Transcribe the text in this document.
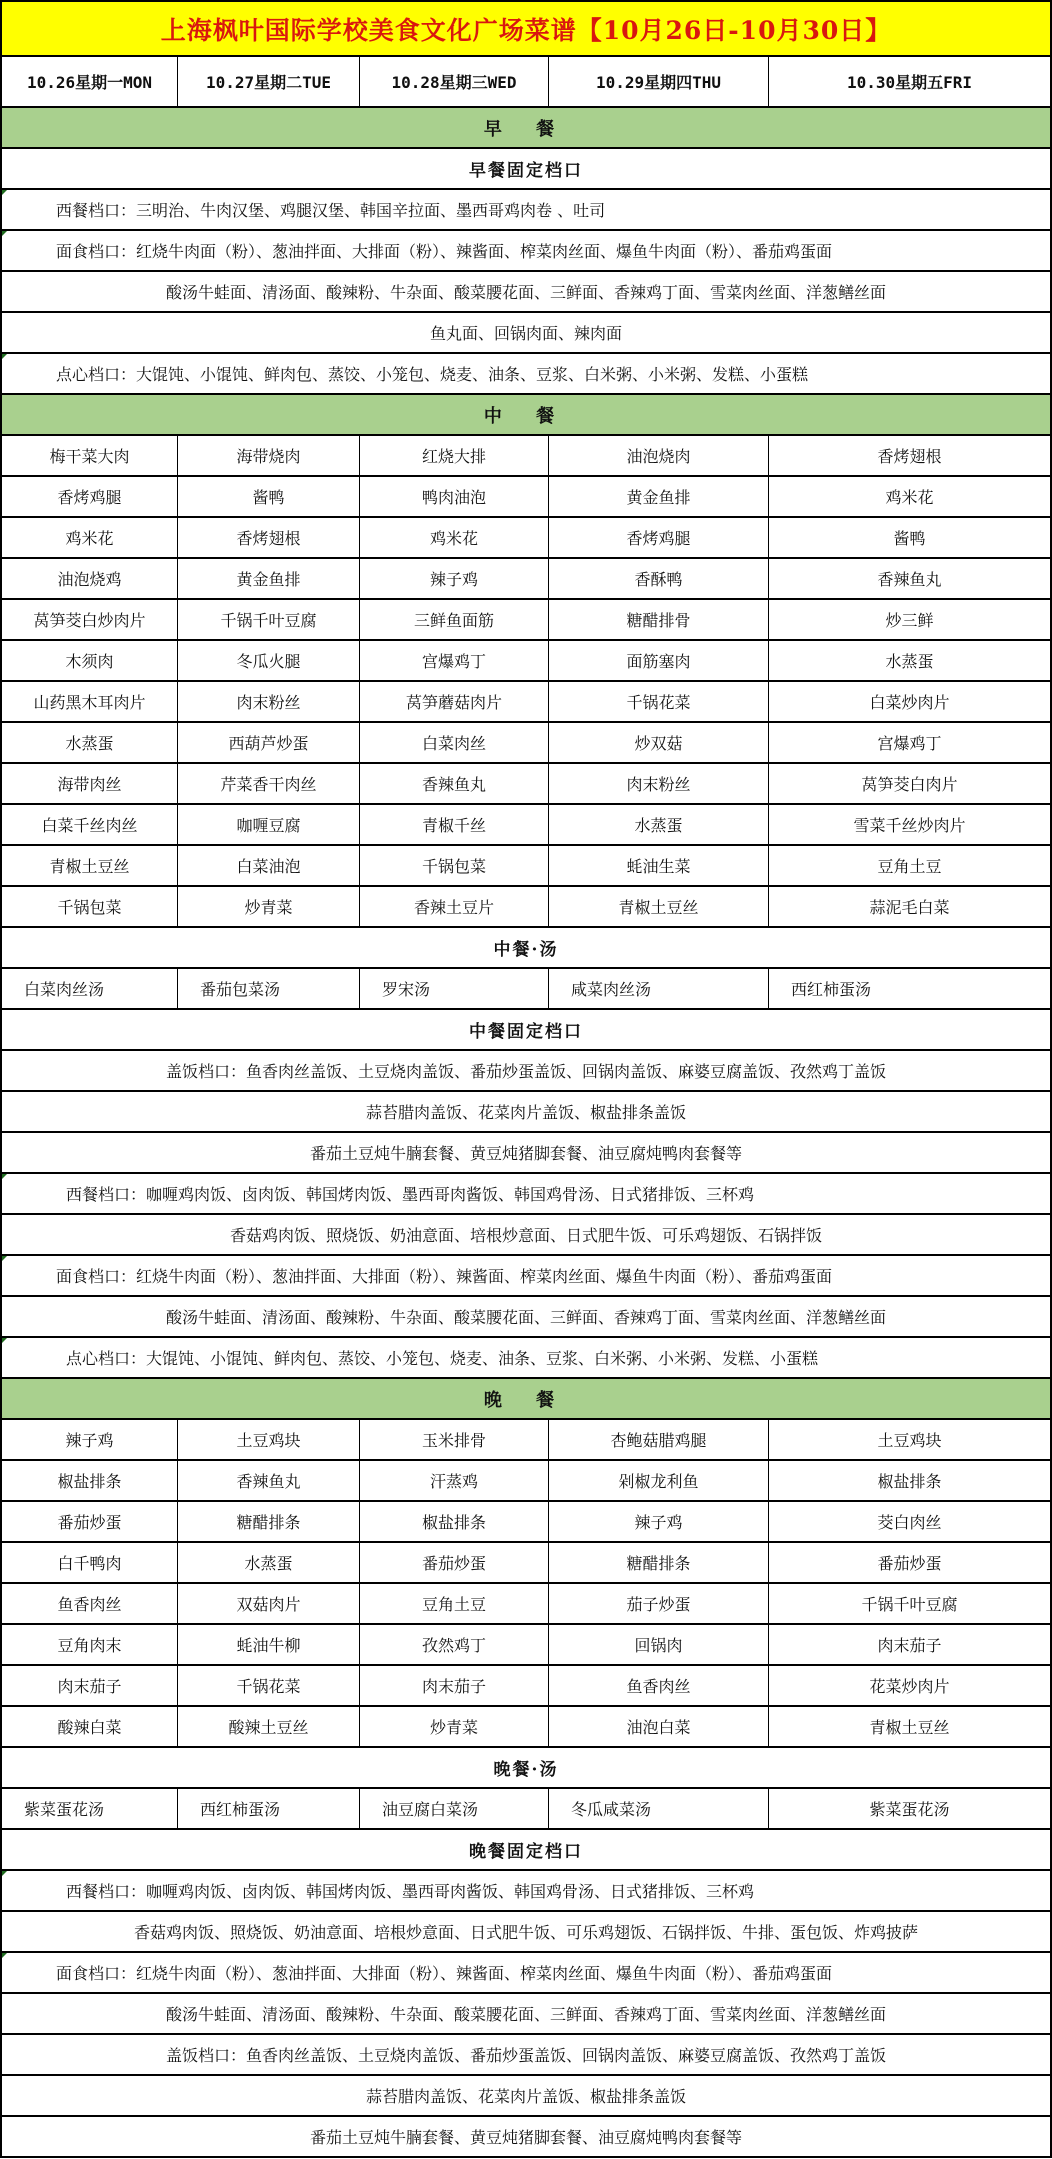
上海枫叶国际学校美食文化广场菜谱【10月26日-10月30日】
10.26星期一MON	10.27星期二TUE	10.28星期三WED	10.29星期四THU	10.30星期五FRI
早 餐
早餐固定档口
西餐档口：三明治、牛肉汉堡、鸡腿汉堡、韩国辛拉面、墨西哥鸡肉卷 、吐司
面食档口：红烧牛肉面（粉）、葱油拌面、大排面（粉）、辣酱面、榨菜肉丝面、爆鱼牛肉面（粉）、番茄鸡蛋面
酸汤牛蛙面、清汤面、酸辣粉、牛杂面、酸菜腰花面、三鲜面、香辣鸡丁面、雪菜肉丝面、洋葱鳝丝面
鱼丸面、回锅肉面、辣肉面
点心档口：大馄饨、小馄饨、鲜肉包、蒸饺、小笼包、烧麦、油条、豆浆、白米粥、小米粥、发糕、小蛋糕
中 餐
梅干菜大肉	海带烧肉	红烧大排	油泡烧肉	香烤翅根
香烤鸡腿	酱鸭	鸭肉油泡	黄金鱼排	鸡米花
鸡米花	香烤翅根	鸡米花	香烤鸡腿	酱鸭
油泡烧鸡	黄金鱼排	辣子鸡	香酥鸭	香辣鱼丸
莴笋茭白炒肉片	千锅千叶豆腐	三鲜鱼面筋	糖醋排骨	炒三鲜
木须肉	冬瓜火腿	宫爆鸡丁	面筋塞肉	水蒸蛋
山药黑木耳肉片	肉末粉丝	莴笋蘑菇肉片	千锅花菜	白菜炒肉片
水蒸蛋	西葫芦炒蛋	白菜肉丝	炒双菇	宫爆鸡丁
海带肉丝	芹菜香干肉丝	香辣鱼丸	肉末粉丝	莴笋茭白肉片
白菜千丝肉丝	咖喱豆腐	青椒千丝	水蒸蛋	雪菜千丝炒肉片
青椒土豆丝	白菜油泡	千锅包菜	蚝油生菜	豆角土豆
千锅包菜	炒青菜	香辣土豆片	青椒土豆丝	蒜泥毛白菜
中餐·汤
白菜肉丝汤	番茄包菜汤	罗宋汤	咸菜肉丝汤	西红柿蛋汤
中餐固定档口
盖饭档口：鱼香肉丝盖饭、土豆烧肉盖饭、番茄炒蛋盖饭、回锅肉盖饭、麻婆豆腐盖饭、孜然鸡丁盖饭
蒜苔腊肉盖饭、花菜肉片盖饭、椒盐排条盖饭
番茄土豆炖牛腩套餐、黄豆炖猪脚套餐、油豆腐炖鸭肉套餐等
西餐档口：咖喱鸡肉饭、卤肉饭、韩国烤肉饭、墨西哥肉酱饭、韩国鸡骨汤、日式猪排饭、三杯鸡
香菇鸡肉饭、照烧饭、奶油意面、培根炒意面、日式肥牛饭、可乐鸡翅饭、石锅拌饭
面食档口：红烧牛肉面（粉）、葱油拌面、大排面（粉）、辣酱面、榨菜肉丝面、爆鱼牛肉面（粉）、番茄鸡蛋面
酸汤牛蛙面、清汤面、酸辣粉、牛杂面、酸菜腰花面、三鲜面、香辣鸡丁面、雪菜肉丝面、洋葱鳝丝面
点心档口：大馄饨、小馄饨、鲜肉包、蒸饺、小笼包、烧麦、油条、豆浆、白米粥、小米粥、发糕、小蛋糕
晚 餐
辣子鸡	土豆鸡块	玉米排骨	杏鲍菇腊鸡腿	土豆鸡块
椒盐排条	香辣鱼丸	汗蒸鸡	剁椒龙利鱼	椒盐排条
番茄炒蛋	糖醋排条	椒盐排条	辣子鸡	茭白肉丝
白千鸭肉	水蒸蛋	番茄炒蛋	糖醋排条	番茄炒蛋
鱼香肉丝	双菇肉片	豆角土豆	茄子炒蛋	千锅千叶豆腐
豆角肉末	蚝油牛柳	孜然鸡丁	回锅肉	肉末茄子
肉末茄子	千锅花菜	肉末茄子	鱼香肉丝	花菜炒肉片
酸辣白菜	酸辣土豆丝	炒青菜	油泡白菜	青椒土豆丝
晚餐·汤
紫菜蛋花汤	西红柿蛋汤	油豆腐白菜汤	冬瓜咸菜汤	紫菜蛋花汤
晚餐固定档口
西餐档口：咖喱鸡肉饭、卤肉饭、韩国烤肉饭、墨西哥肉酱饭、韩国鸡骨汤、日式猪排饭、三杯鸡
香菇鸡肉饭、照烧饭、奶油意面、培根炒意面、日式肥牛饭、可乐鸡翅饭、石锅拌饭、牛排、蛋包饭、炸鸡披萨
面食档口：红烧牛肉面（粉）、葱油拌面、大排面（粉）、辣酱面、榨菜肉丝面、爆鱼牛肉面（粉）、番茄鸡蛋面
酸汤牛蛙面、清汤面、酸辣粉、牛杂面、酸菜腰花面、三鲜面、香辣鸡丁面、雪菜肉丝面、洋葱鳝丝面
盖饭档口：鱼香肉丝盖饭、土豆烧肉盖饭、番茄炒蛋盖饭、回锅肉盖饭、麻婆豆腐盖饭、孜然鸡丁盖饭
蒜苔腊肉盖饭、花菜肉片盖饭、椒盐排条盖饭
番茄土豆炖牛腩套餐、黄豆炖猪脚套餐、油豆腐炖鸭肉套餐等
